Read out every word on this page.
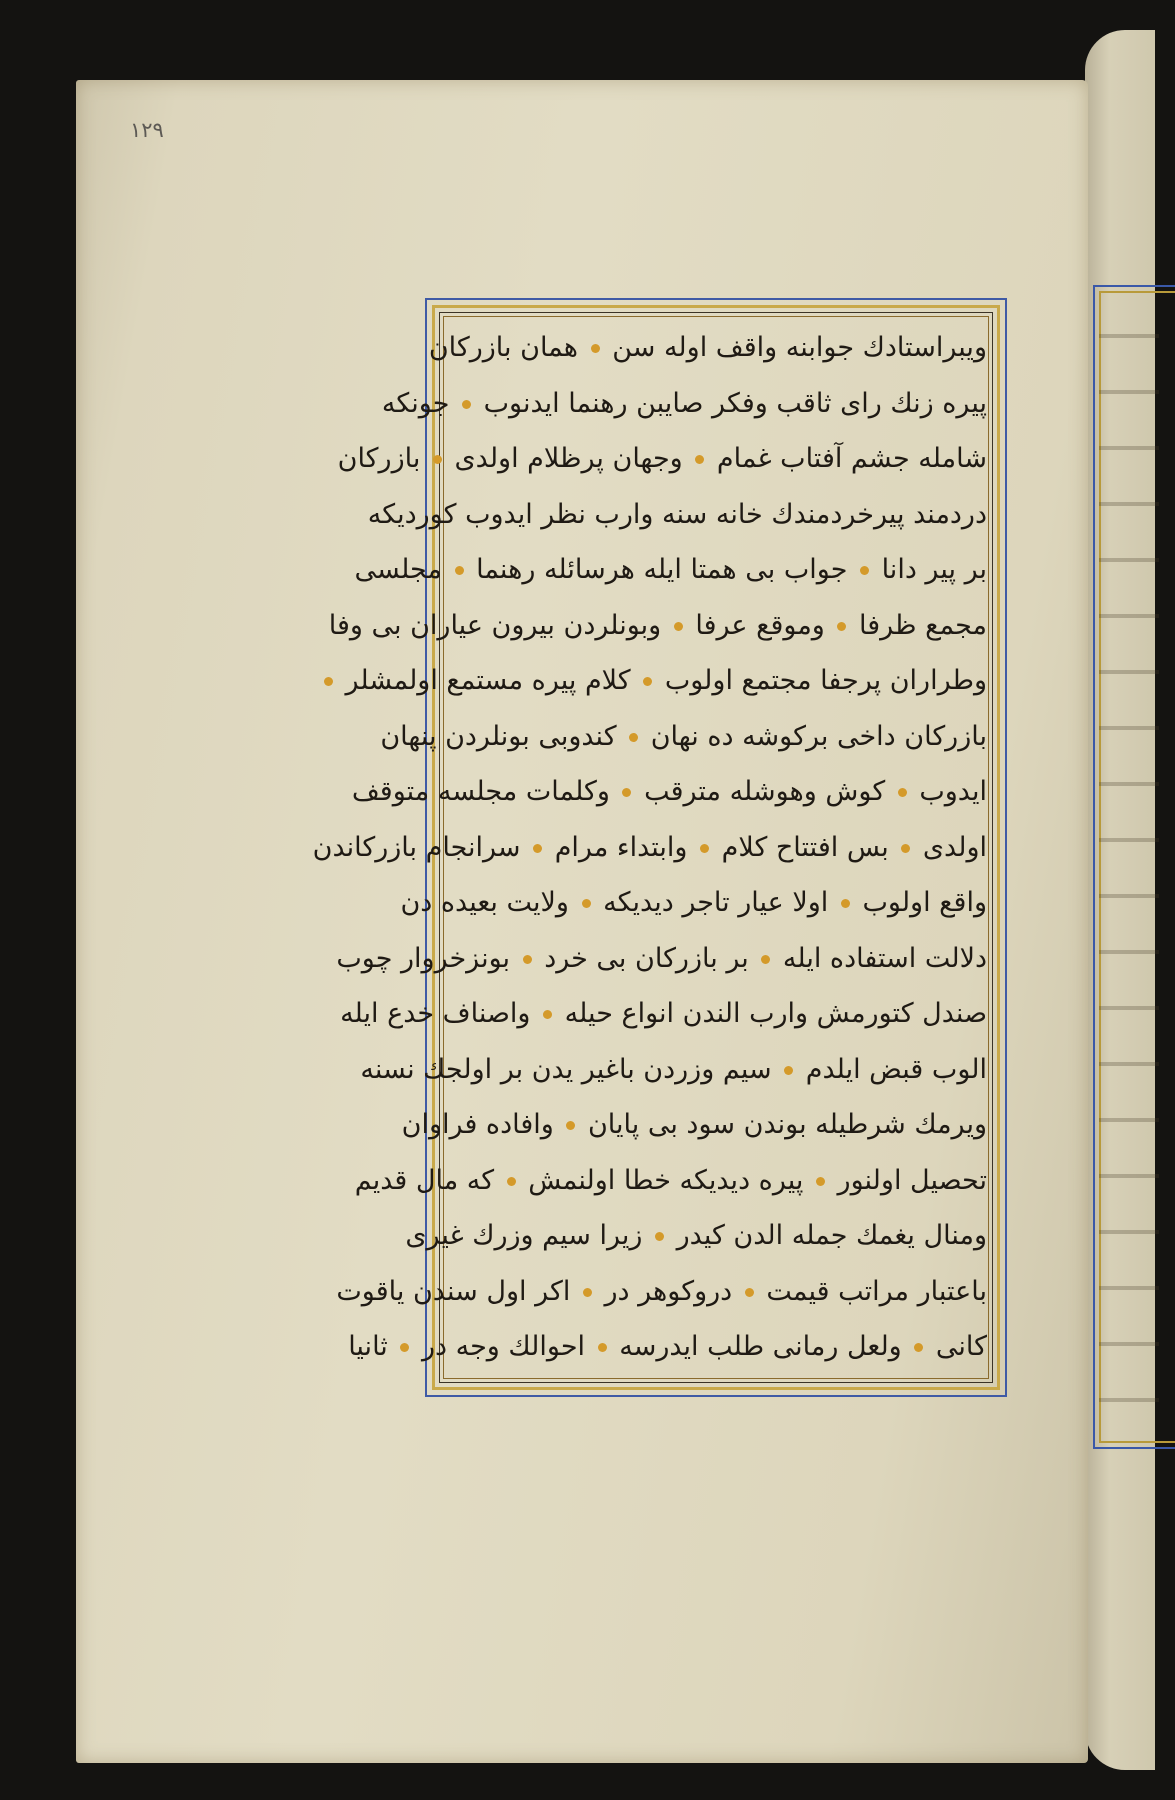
١٢٩
ویبراستادك جوابنه واقف اوله سن  همان بازرکان
پیره زنك رای ثاقب وفکر صایبن رهنما ایدنوب  جونکه
شامله جشم آفتاب غمام  وجهان پرظلام اولدی  بازرکان
دردمند پیرخردمندك خانه سنه وارب نظر ایدوب کوردیکه
بر پیر دانا  جواب بی همتا ایله هرسائله رهنما  مجلسی
مجمع ظرفا  وموقع عرفا  وبونلردن بیرون عیاران بی وفا
وطراران پرجفا مجتمع اولوب  کلام پیره مستمع اولمشلر
بازرکان داخی برکوشه ده نهان  کندوبی بونلردن پنهان
ایدوب  کوش وهوشله مترقب  وکلمات مجلسه متوقف
اولدی  بس افتتاح کلام  وابتداء مرام  سرانجام بازرکاندن
واقع اولوب  اولا عیار تاجر دیدیکه  ولایت بعیده دن
دلالت استفاده ایله  بر بازرکان بی خرد  بونزخروار چوب
صندل کتورمش وارب الندن انواع حیله  واصناف خدع ایله
الوب قبض ایلدم  سیم وزردن باغیر یدن بر اولجك نسنه
ویرمك شرطیله بوندن سود بی پایان  وافاده فراوان
تحصیل اولنور  پیره دیدیکه خطا اولنمش  که مال قدیم
ومنال یغمك جمله الدن کیدر  زیرا سیم وزرك غیری
باعتبار مراتب قیمت  دروکوهر در  اکر اول سندن یاقوت
کانی  ولعل رمانی طلب ایدرسه  احوالك وجه در  ثانیا
